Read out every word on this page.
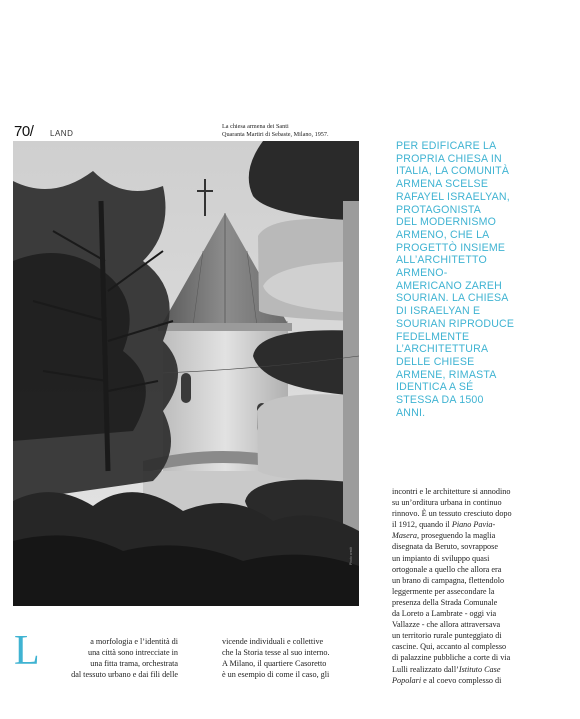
70/ LAND
La chiesa armena dei Santi
Quaranta Martiri di Sebaste, Milano, 1957.
Photo credit
PER EDIFICARE LA
PROPRIA CHIESA IN
ITALIA, LA COMUNITÀ
ARMENA SCELSE
RAFAYEL ISRAELYAN,
PROTAGONISTA
DEL MODERNISMO
ARMENO, CHE LA
PROGETTÒ INSIEME
ALL’ARCHITETTO
ARMENO-
AMERICANO ZAREH
SOURIAN. LA CHIESA
DI ISRAELYAN E
SOURIAN RIPRODUCE
FEDELMENTE
L’ARCHITETTURA
DELLE CHIESE
ARMENE, RIMASTA
IDENTICA A SÉ
STESSA DA 1500
ANNI.
incontri e le architetture si annodino
su un’orditura urbana in continuo
rinnovo. È un tessuto cresciuto dopo
il 1912, quando il Piano Pavia-
Masera, proseguendo la maglia
disegnata da Beruto, sovrappose
un impianto di sviluppo quasi
ortogonale a quello che allora era
un brano di campagna, flettendolo
leggermente per assecondare la
presenza della Strada Comunale
da Loreto a Lambrate - oggi via
Vallazze - che allora attraversava
un territorio rurale punteggiato di
cascine. Qui, accanto al complesso
di palazzine pubbliche a corte di via
Lulli realizzato dall’Istituto Case
Popolari e al coevo complesso di
L	a morfologia e l’identità di
una città sono intrecciate in
una fitta trama, orchestrata
dal tessuto urbano e dai fili delle
vicende individuali e collettive
che la Storia tesse al suo interno.
A Milano, il quartiere Casoretto
è un esempio di come il caso, gli
